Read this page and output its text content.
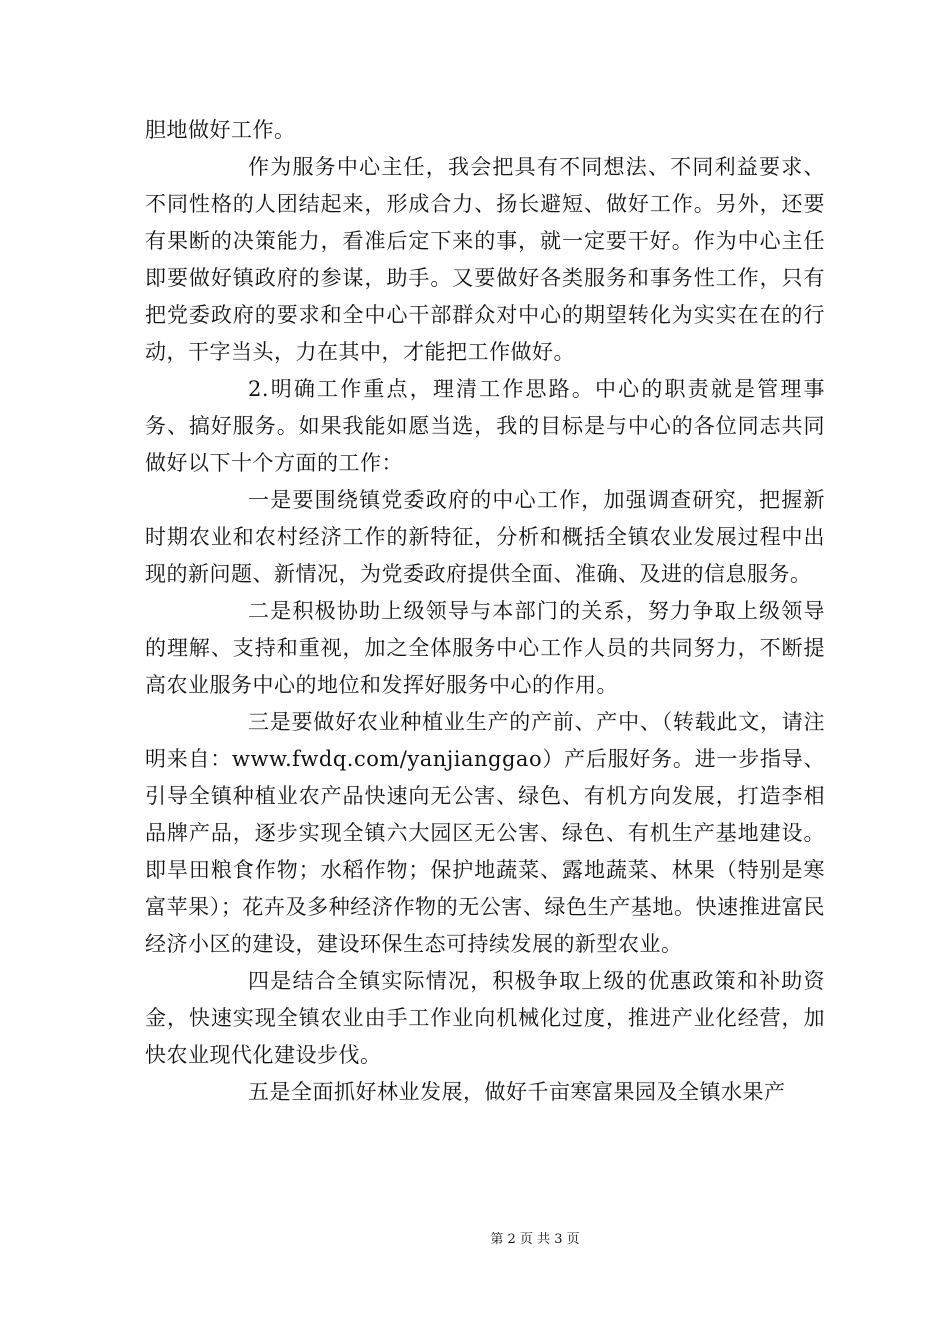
胆地做好工作。

作为服务中心主任，我会把具有不同想法、不同利益要求、不同性格的人团结起来，形成合力、扬长避短、做好工作。另外，还要有果断的决策能力，看准后定下来的事，就一定要干好。作为中心主任即要做好镇政府的参谋，助手。又要做好各类服务和事务性工作，只有把党委政府的要求和全中心干部群众对中心的期望转化为实实在在的行动，干字当头，力在其中，才能把工作做好。

2.明确工作重点，理清工作思路。中心的职责就是管理事务、搞好服务。如果我能如愿当选，我的目标是与中心的各位同志共同做好以下十个方面的工作：

一是要围绕镇党委政府的中心工作，加强调查研究，把握新时期农业和农村经济工作的新特征，分析和概括全镇农业发展过程中出现的新问题、新情况，为党委政府提供全面、准确、及进的信息服务。

二是积极协助上级领导与本部门的关系，努力争取上级领导的理解、支持和重视，加之全体服务中心工作人员的共同努力，不断提高农业服务中心的地位和发挥好服务中心的作用。

三是要做好农业种植业生产的产前、产中、（转载此文，请注明来自：www.fwdq.com/yanjianggao）产后服好务。进一步指导、引导全镇种植业农产品快速向无公害、绿色、有机方向发展，打造李相品牌产品，逐步实现全镇六大园区无公害、绿色、有机生产基地建设。即旱田粮食作物；水稻作物；保护地蔬菜、露地蔬菜、林果（特别是寒富苹果）；花卉及多种经济作物的无公害、绿色生产基地。快速推进富民经济小区的建设，建设环保生态可持续发展的新型农业。

四是结合全镇实际情况，积极争取上级的优惠政策和补助资金，快速实现全镇农业由手工作业向机械化过度，推进产业化经营，加快农业现代化建设步伐。

五是全面抓好林业发展，做好千亩寒富果园及全镇水果产

第 2 页 共 3 页
